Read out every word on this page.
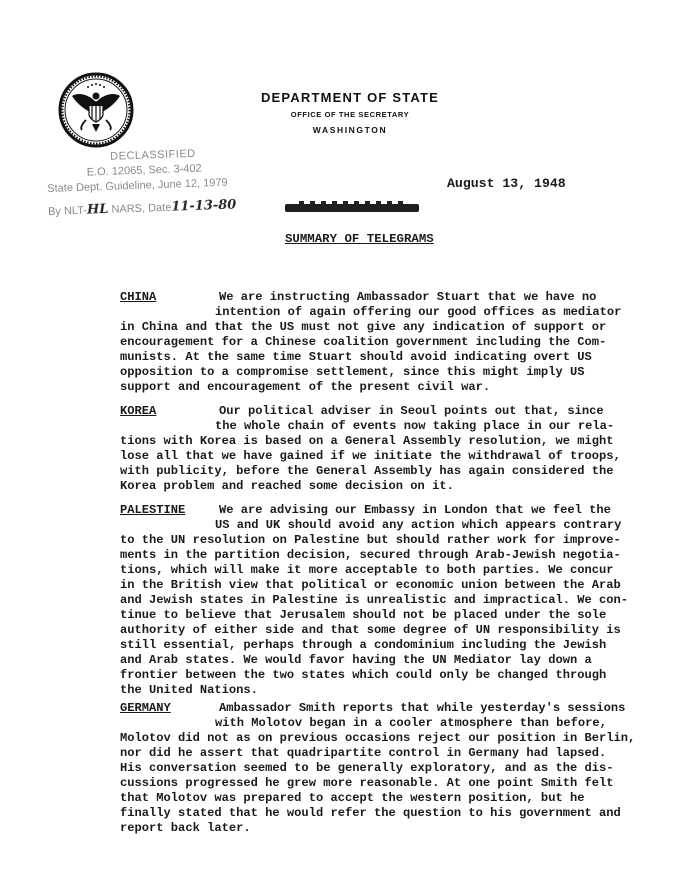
DEPARTMENT OF STATE
OFFICE OF THE SECRETARY
WASHINGTON
DECLASSIFIED
E.O. 12065, Sec. 3-402
State Dept. Guideline, June 12, 1979
By NLT-HL NARS, Date11-13-80
August 13, 1948
SUMMARY OF TELEGRAMS
CHINA	We are instructing Ambassador Stuart that we have no
intention of again offering our good offices as mediator
in China and that the US must not give any indication of support or
encouragement for a Chinese coalition government including the Com-
munists. At the same time Stuart should avoid indicating overt US
opposition to a compromise settlement, since this might imply US
support and encouragement of the present civil war.
KOREA	Our political adviser in Seoul points out that, since
the whole chain of events now taking place in our rela-
tions with Korea is based on a General Assembly resolution, we might
lose all that we have gained if we initiate the withdrawal of troops,
with publicity, before the General Assembly has again considered the
Korea problem and reached some decision on it.
PALESTINE	We are advising our Embassy in London that we feel the
US and UK should avoid any action which appears contrary
to the UN resolution on Palestine but should rather work for improve-
ments in the partition decision, secured through Arab-Jewish negotia-
tions, which will make it more acceptable to both parties. We concur
in the British view that political or economic union between the Arab
and Jewish states in Palestine is unrealistic and impractical. We con-
tinue to believe that Jerusalem should not be placed under the sole
authority of either side and that some degree of UN responsibility is
still essential, perhaps through a condominium including the Jewish
and Arab states. We would favor having the UN Mediator lay down a
frontier between the two states which could only be changed through
the United Nations.
GERMANY	Ambassador Smith reports that while yesterday's sessions
with Molotov began in a cooler atmosphere than before,
Molotov did not as on previous occasions reject our position in Berlin,
nor did he assert that quadripartite control in Germany had lapsed.
His conversation seemed to be generally exploratory, and as the dis-
cussions progressed he grew more reasonable. At one point Smith felt
that Molotov was prepared to accept the western position, but he
finally stated that he would refer the question to his government and
report back later.
